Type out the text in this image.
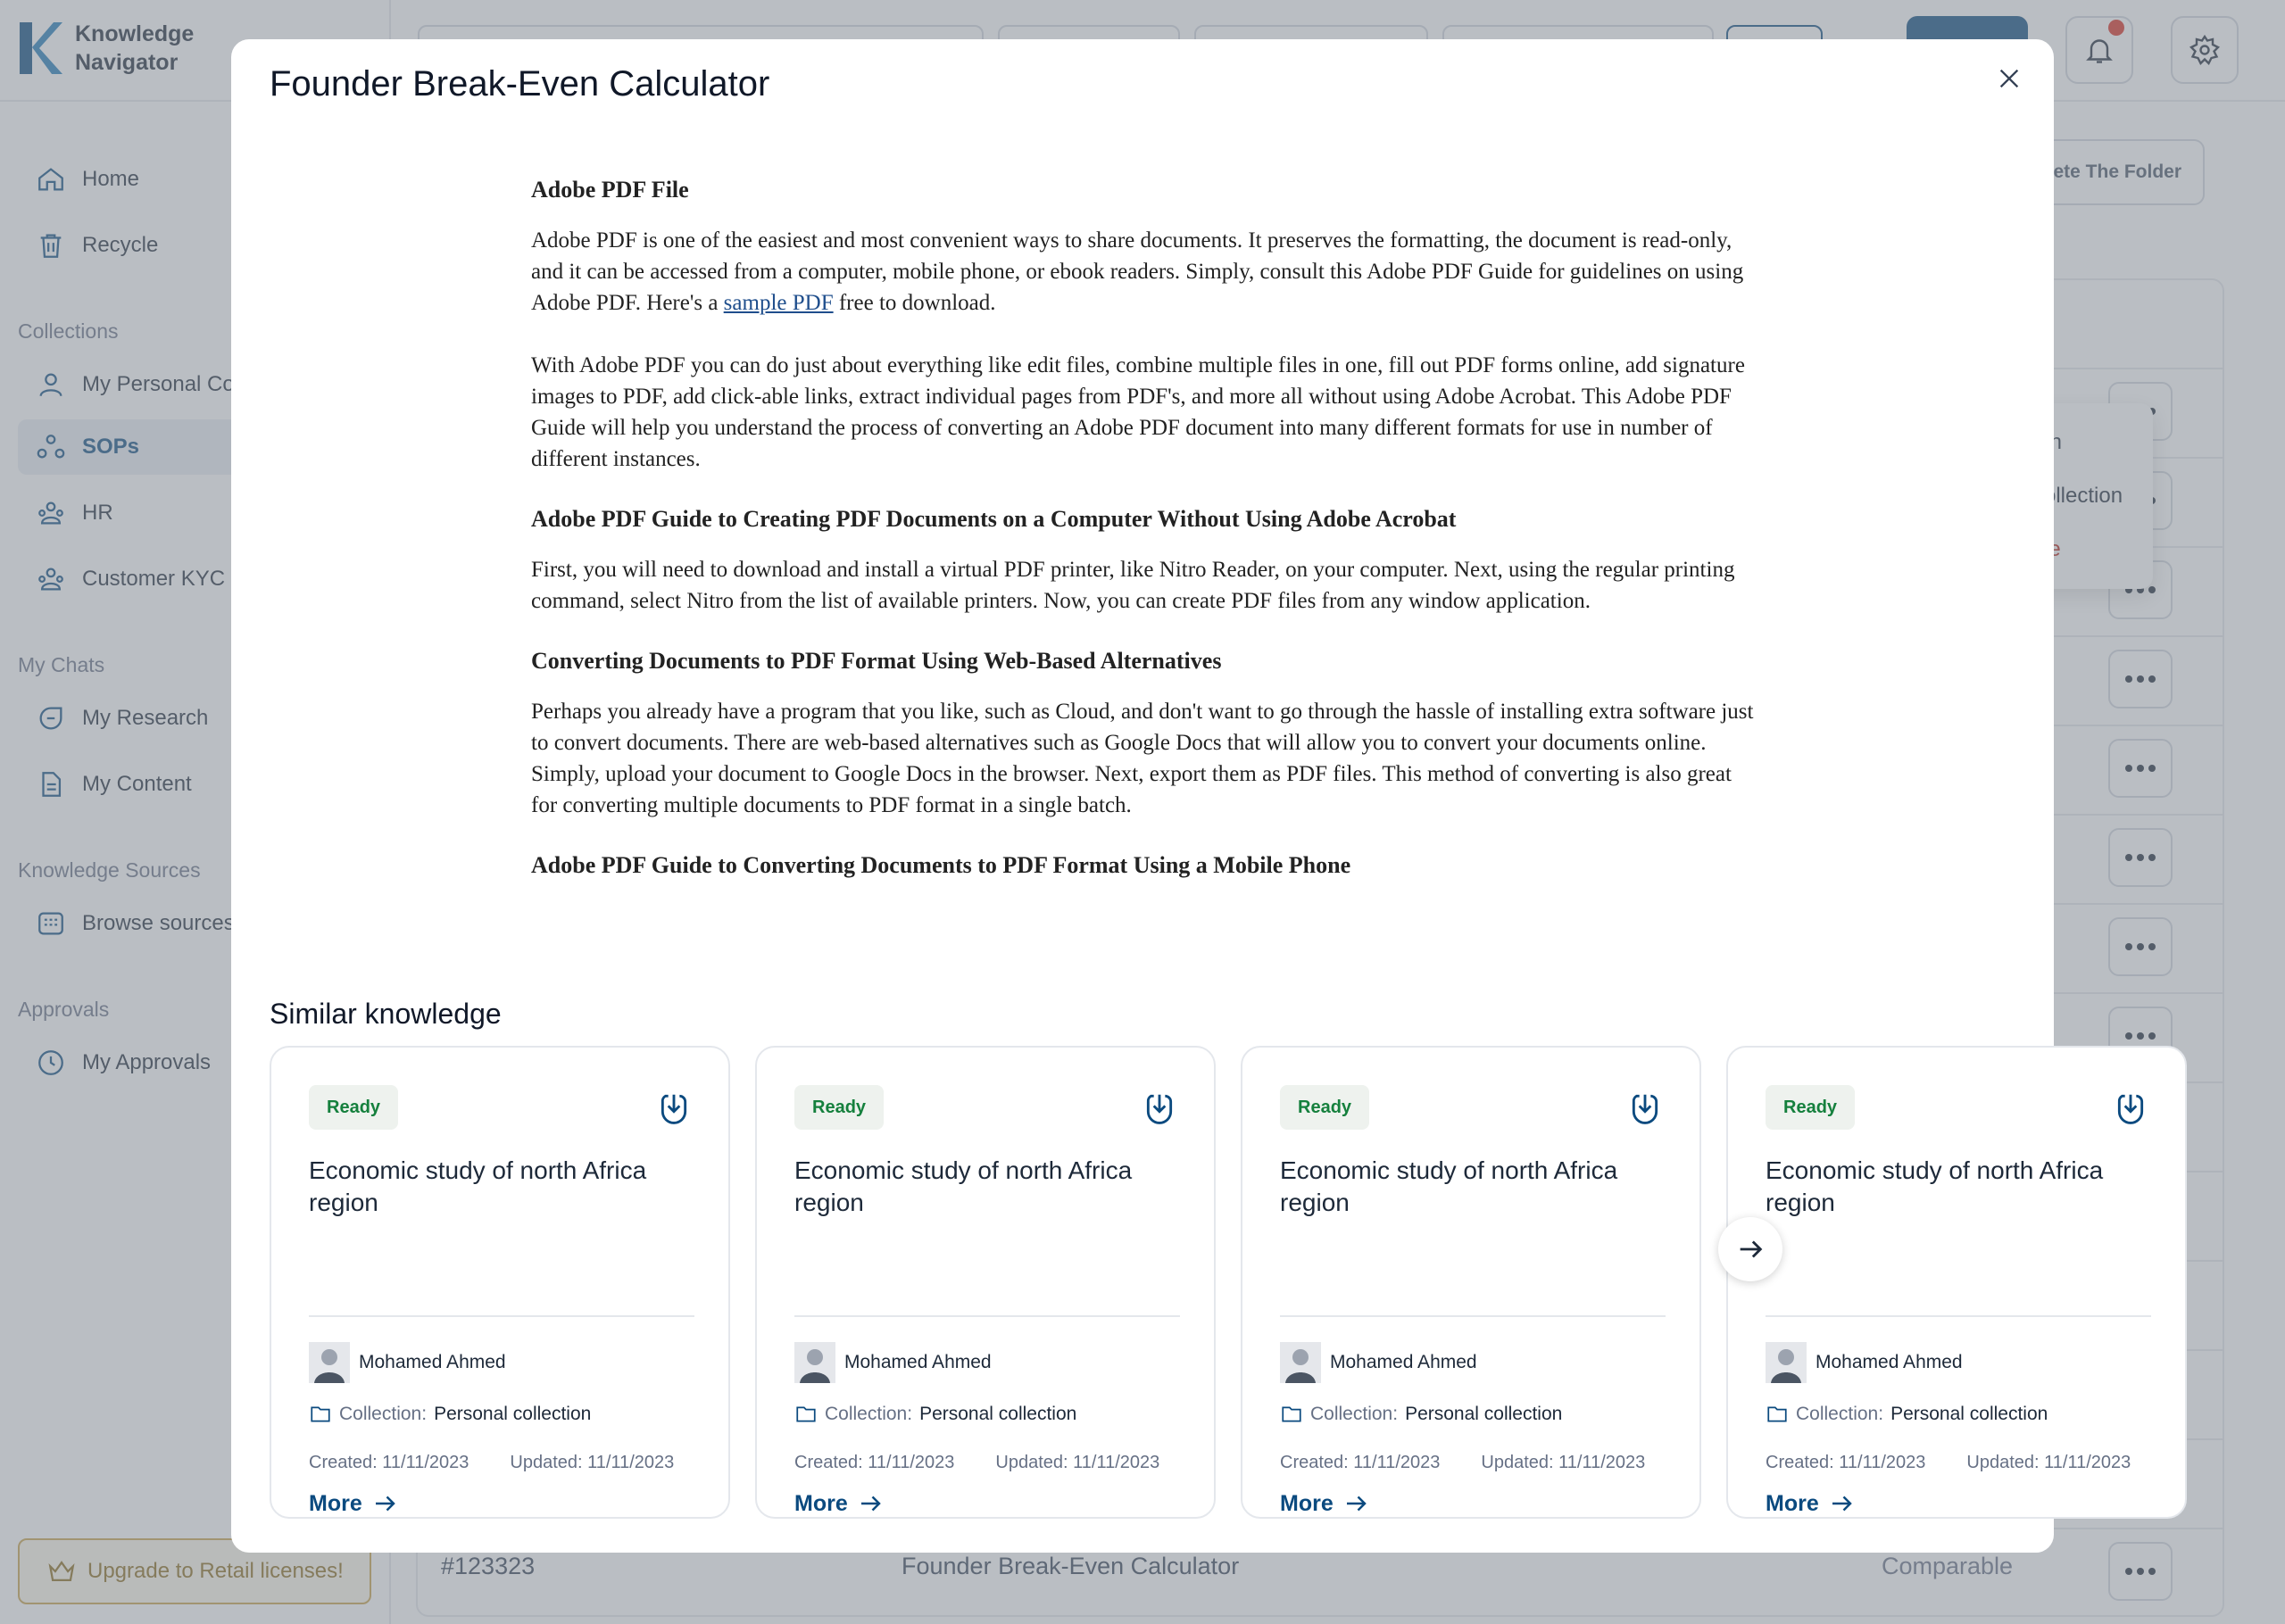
Founder Break-Even Calculator
Adobe PDF File

Adobe PDF is one of the easiest and most convenient ways to share documents. It preserves the formatting, the document is read-only, and it can be accessed from a computer, mobile phone, or ebook readers. Simply, consult this Adobe PDF Guide for guidelines on using Adobe PDF. Here's a sample PDF free to download.

With Adobe PDF you can do just about everything like edit files, combine multiple files in one, fill out PDF forms online, add signature images to PDF, add click-able links, extract individual pages from PDF's, and more all without using Adobe Acrobat. This Adobe PDF Guide will help you understand the process of converting an Adobe PDF document into many different formats for use in number of different instances.

Adobe PDF Guide to Creating PDF Documents on a Computer Without Using Adobe Acrobat

First, you will need to download and install a virtual PDF printer, like Nitro Reader, on your computer. Next, using the regular printing command, select Nitro from the list of available printers. Now, you can create PDF files from any window application.

Converting Documents to PDF Format Using Web-Based Alternatives

Perhaps you already have a program that you like, such as Cloud, and don't want to go through the hassle of installing extra software just to convert documents. There are web-based alternatives such as Google Docs that will allow you to convert your documents online. Simply, upload your document to Google Docs in the browser. Next, export them as PDF files. This method of converting is also great for converting multiple documents to PDF format in a single batch.

Adobe PDF Guide to Converting Documents to PDF Format Using a Mobile Phone
Similar knowledge
Ready
Economic study of north Africa region
Mohamed Ahmed
Collection: Personal collection
Created: 11/11/2023 Updated: 11/11/2023
More
Ready
Economic study of north Africa region
Mohamed Ahmed
Collection: Personal collection
Created: 11/11/2023 Updated: 11/11/2023
More
Ready
Economic study of north Africa region
Mohamed Ahmed
Collection: Personal collection
Created: 11/11/2023 Updated: 11/11/2023
More
Ready
Economic study of north Africa region
Mohamed Ahmed
Collection: Personal collection
Created: 11/11/2023 Updated: 11/11/2023
More
